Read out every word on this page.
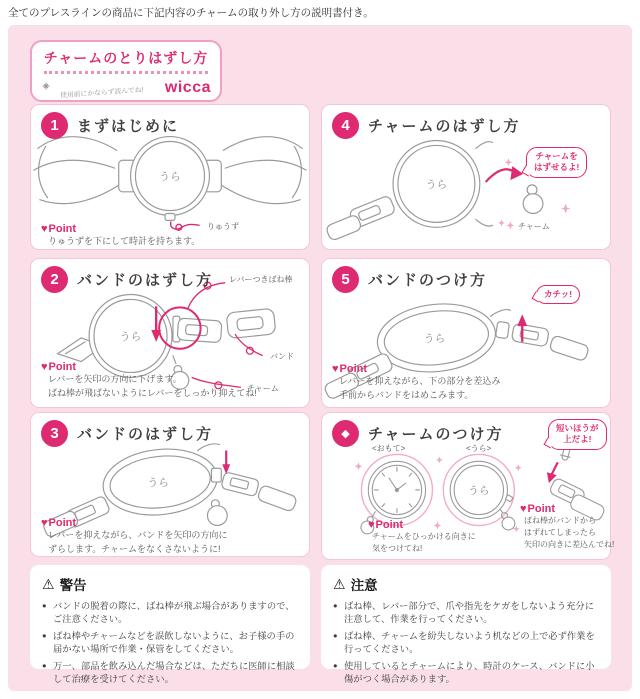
全てのプレスラインの商品に下記内容のチャームの取り外し方の説明書付き。
チャームのとりはずし方
使用前にかならず読んでね!	wicca
うら
1	まずはじめに
りゅうず
♥Point
りゅうずを下にして時計を持ちます。
うら
2	バンドのはずし方 レバーつきばね棒
バンド
チャーム
♥Point
レバーを矢印の方向に下げます。
ばね棒が飛ばないようにレバーをしっかり抑えてね!
うら
3	バンドのはずし方
♥Point
レバーを抑えながら、バンドを矢印の方向に
ずらします。チャームをなくさないように!
うら
4	チャームのはずし方
チャームを
はずせるよ!
チャーム
うら
5	バンドのつけ方
カチッ!
♥Point
レバーを抑えながら、下の部分を差込み
手前からバンドをはめこみます。
うら
◆	チャームのつけ方
<おもて>	<うら>
短いほうが
上だよ!
♥Point
チャームをひっかける向きに
気をつけてね!
♥Point
ばね棒がバンドから
はずれてしまったら
矢印の向きに差込んでね!
⚠ 警告
● バンドの脱着の際に、ばね棒が飛ぶ場合がありますので、ご注意ください。
● ばね棒やチャームなどを誤飲しないように、お子様の手の届かない場所で作業・保管をしてください。
● 万一、部品を飲み込んだ場合などは、ただちに医師に相談して治療を受けてください。
⚠ 注意
● ばね棒、レバー部分で、爪や指先をケガをしないよう充分に注意して、作業を行ってください。
● ばね棒、チャームを紛失しないよう机などの上で必ず作業を行ってください。
● 使用しているとチャームにより、時計のケース、バンドに小傷がつく場合があります。
